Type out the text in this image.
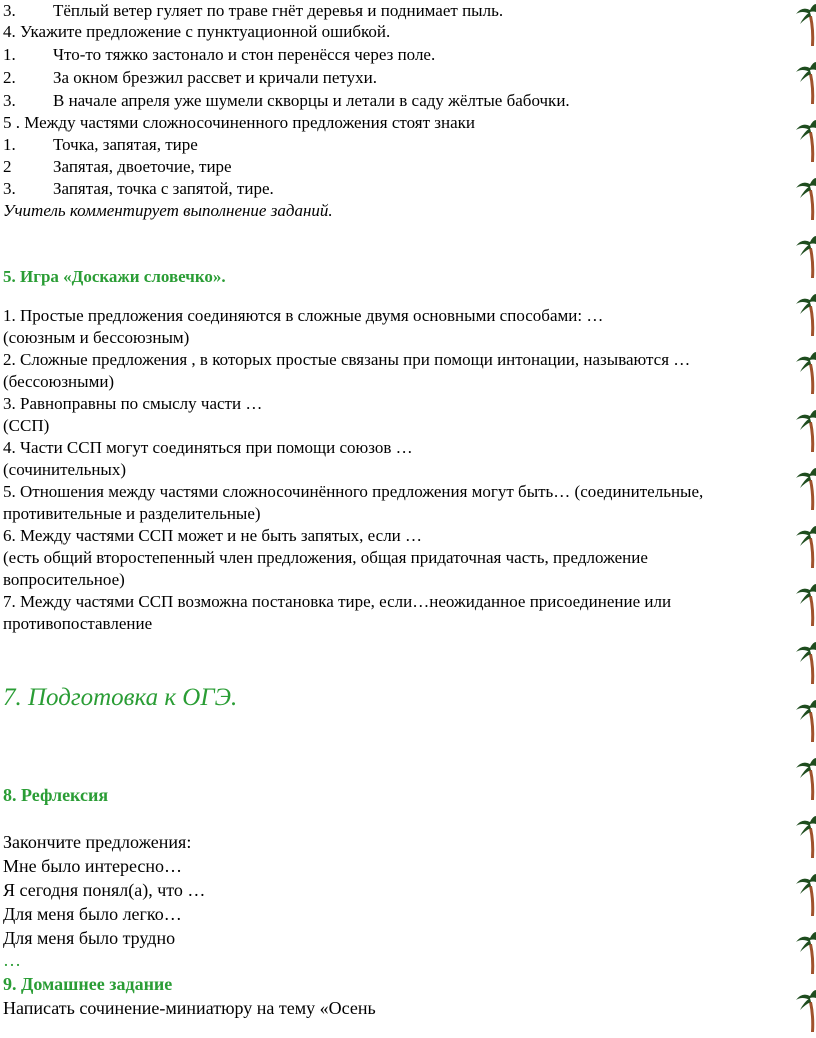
3. Тёплый ветер гуляет по траве гнёт деревья и поднимает пыль.
4. Укажите предложение с пунктуационной ошибкой.
1. Что-то тяжко застонало и стон перенёсся через поле.
2. За окном брезжил рассвет и кричали петухи.
3. В начале апреля уже шумели скворцы и летали в саду жёлтые бабочки.
5 . Между частями сложносочиненного предложения стоят знаки
1. Точка, запятая, тире
2 Запятая, двоеточие, тире
3. Запятая, точка с запятой, тире.
Учитель комментирует выполнение заданий.
5. Игра «Доскажи словечко».
1. Простые предложения соединяются в сложные двумя основными способами: …
(союзным и бессоюзным)
2. Сложные предложения , в которых простые связаны при помощи интонации, называются …
(бессоюзными)
3. Равноправны по смыслу части …
(ССП)
4. Части ССП могут соединяться при помощи союзов …
(сочинительных)
5. Отношения между частями сложносочинённого предложения могут быть… (соединительные,
противительные и разделительные)
6. Между частями ССП может и не быть запятых, если …
(есть общий второстепенный член предложения, общая придаточная часть, предложение
вопросительное)
7. Между частями ССП возможна постановка тире, если…неожиданное присоединение или
противопоставление
7. Подготовка к ОГЭ.
8. Рефлексия
Закончите предложения:
Мне было интересно…
Я сегодня понял(а), что …
Для меня было легко…
Для меня было трудно
…
9. Домашнее задание
Написать сочинение-миниатюру на тему «Осень
